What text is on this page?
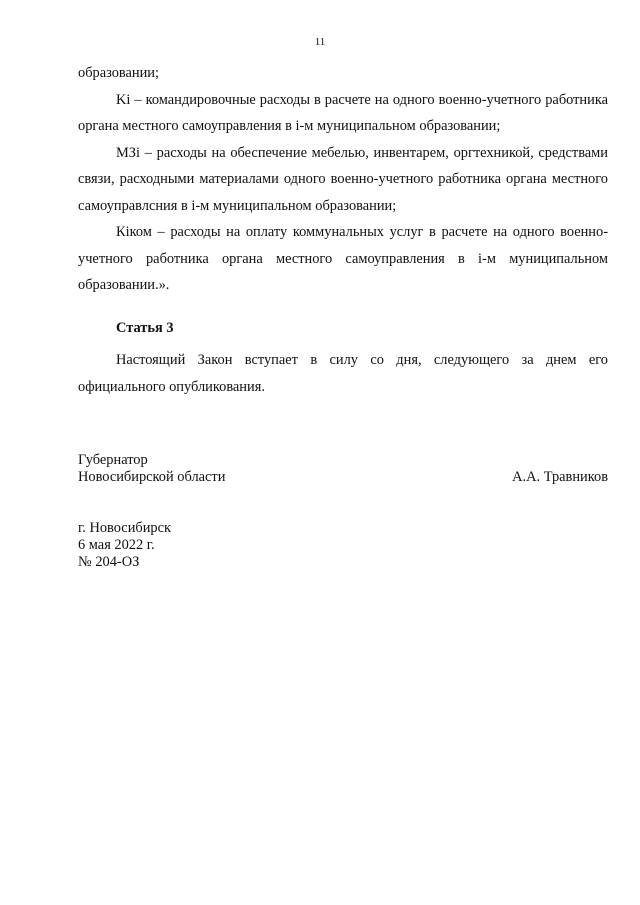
11

образовании;

Ki – командировочные расходы в расчете на одного военно-учетного работника органа местного самоуправления в i-м муниципальном образовании;

МЗi – расходы на обеспечение мебелью, инвентарем, оргтехникой, средствами связи, расходными материалами одного военно-учетного работника органа местного самоуправлсния в i-м муниципальном образовании;

Кiком – расходы на оплату коммунальных услуг в расчете на одного военно-учетного работника органа местного самоуправления в i-м муниципальном образовании.».

Статья 3

Настоящий Закон вступает в силу со дня, следующего за днем его официального опубликования.

Губернатор
Новосибирской области	А.А. Травников
г. Новосибирск
6 мая 2022 г.
№ 204-ОЗ
